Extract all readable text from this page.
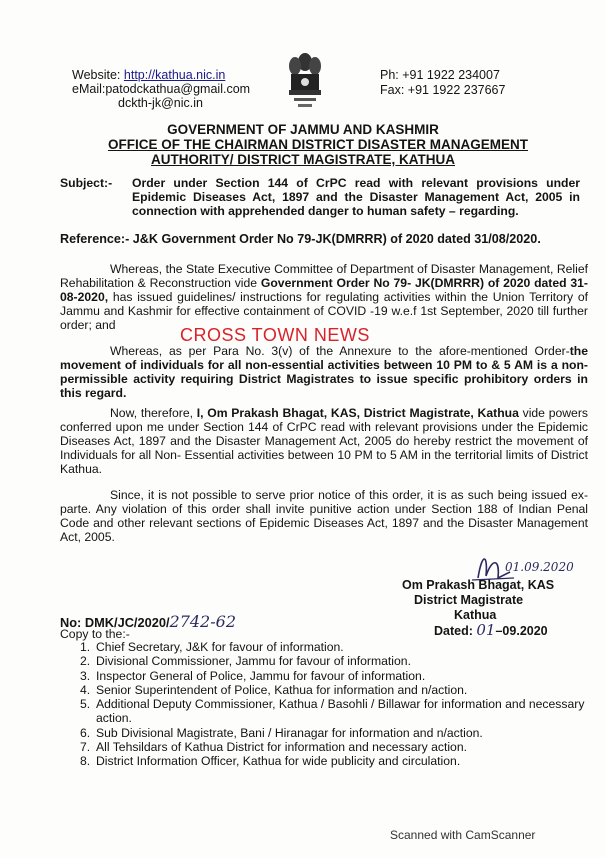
Website: http://kathua.nic.in
eMail:patodckathua@gmail.com
dckth-jk@nic.in
Ph: +91 1922 234007
Fax: +91 1922 237667
GOVERNMENT OF JAMMU AND KASHMIR
OFFICE OF THE CHAIRMAN DISTRICT DISASTER MANAGEMENT
AUTHORITY/ DISTRICT MAGISTRATE, KATHUA
Subject:-	Order under Section 144 of CrPC read with relevant provisions under Epidemic Diseases Act, 1897 and the Disaster Management Act, 2005 in connection with apprehended danger to human safety – regarding.
Reference:- J&K Government Order No 79-JK(DMRRR) of 2020 dated 31/08/2020.
Whereas, the State Executive Committee of Department of Disaster Management, Relief Rehabilitation & Reconstruction vide Government Order No 79- JK(DMRRR) of 2020 dated 31-08-2020, has issued guidelines/ instructions for regulating activities within the Union Territory of Jammu and Kashmir for effective containment of COVID -19 w.e.f 1st September, 2020 till further order; and	CROSS TOWN NEWS
Whereas, as per Para No. 3(v) of the Annexure to the afore-mentioned Order-the movement of individuals for all non-essential activities between 10 PM to & 5 AM is a non- permissible activity requiring District Magistrates to issue specific prohibitory orders in this regard.
Now, therefore, I, Om Prakash Bhagat, KAS, District Magistrate, Kathua vide powers conferred upon me under Section 144 of CrPC read with relevant provisions under the Epidemic Diseases Act, 1897 and the Disaster Management Act, 2005 do hereby restrict the movement of Individuals for all Non- Essential activities between 10 PM to 5 AM in the territorial limits of District Kathua.
Since, it is not possible to serve prior notice of this order, it is as such being issued ex-parte. Any violation of this order shall invite punitive action under Section 188 of Indian Penal Code and other relevant sections of Epidemic Diseases Act, 1897 and the Disaster Management Act, 2005.
01.09.2020
Om Prakash Bhagat, KAS
District Magistrate
Kathua
Dated: 01–09.2020
No: DMK/JC/2020/2742-62
Copy to the:-
1. Chief Secretary, J&K for favour of information.
2. Divisional Commissioner, Jammu for favour of information.
3. Inspector General of Police, Jammu for favour of information.
4. Senior Superintendent of Police, Kathua for information and n/action.
5. Additional Deputy Commissioner, Kathua / Basohli / Billawar for information and necessary action.
6. Sub Divisional Magistrate, Bani / Hiranagar for information and n/action.
7. All Tehsildars of Kathua District for information and necessary action.
8. District Information Officer, Kathua for wide publicity and circulation.
Scanned with CamScanner
